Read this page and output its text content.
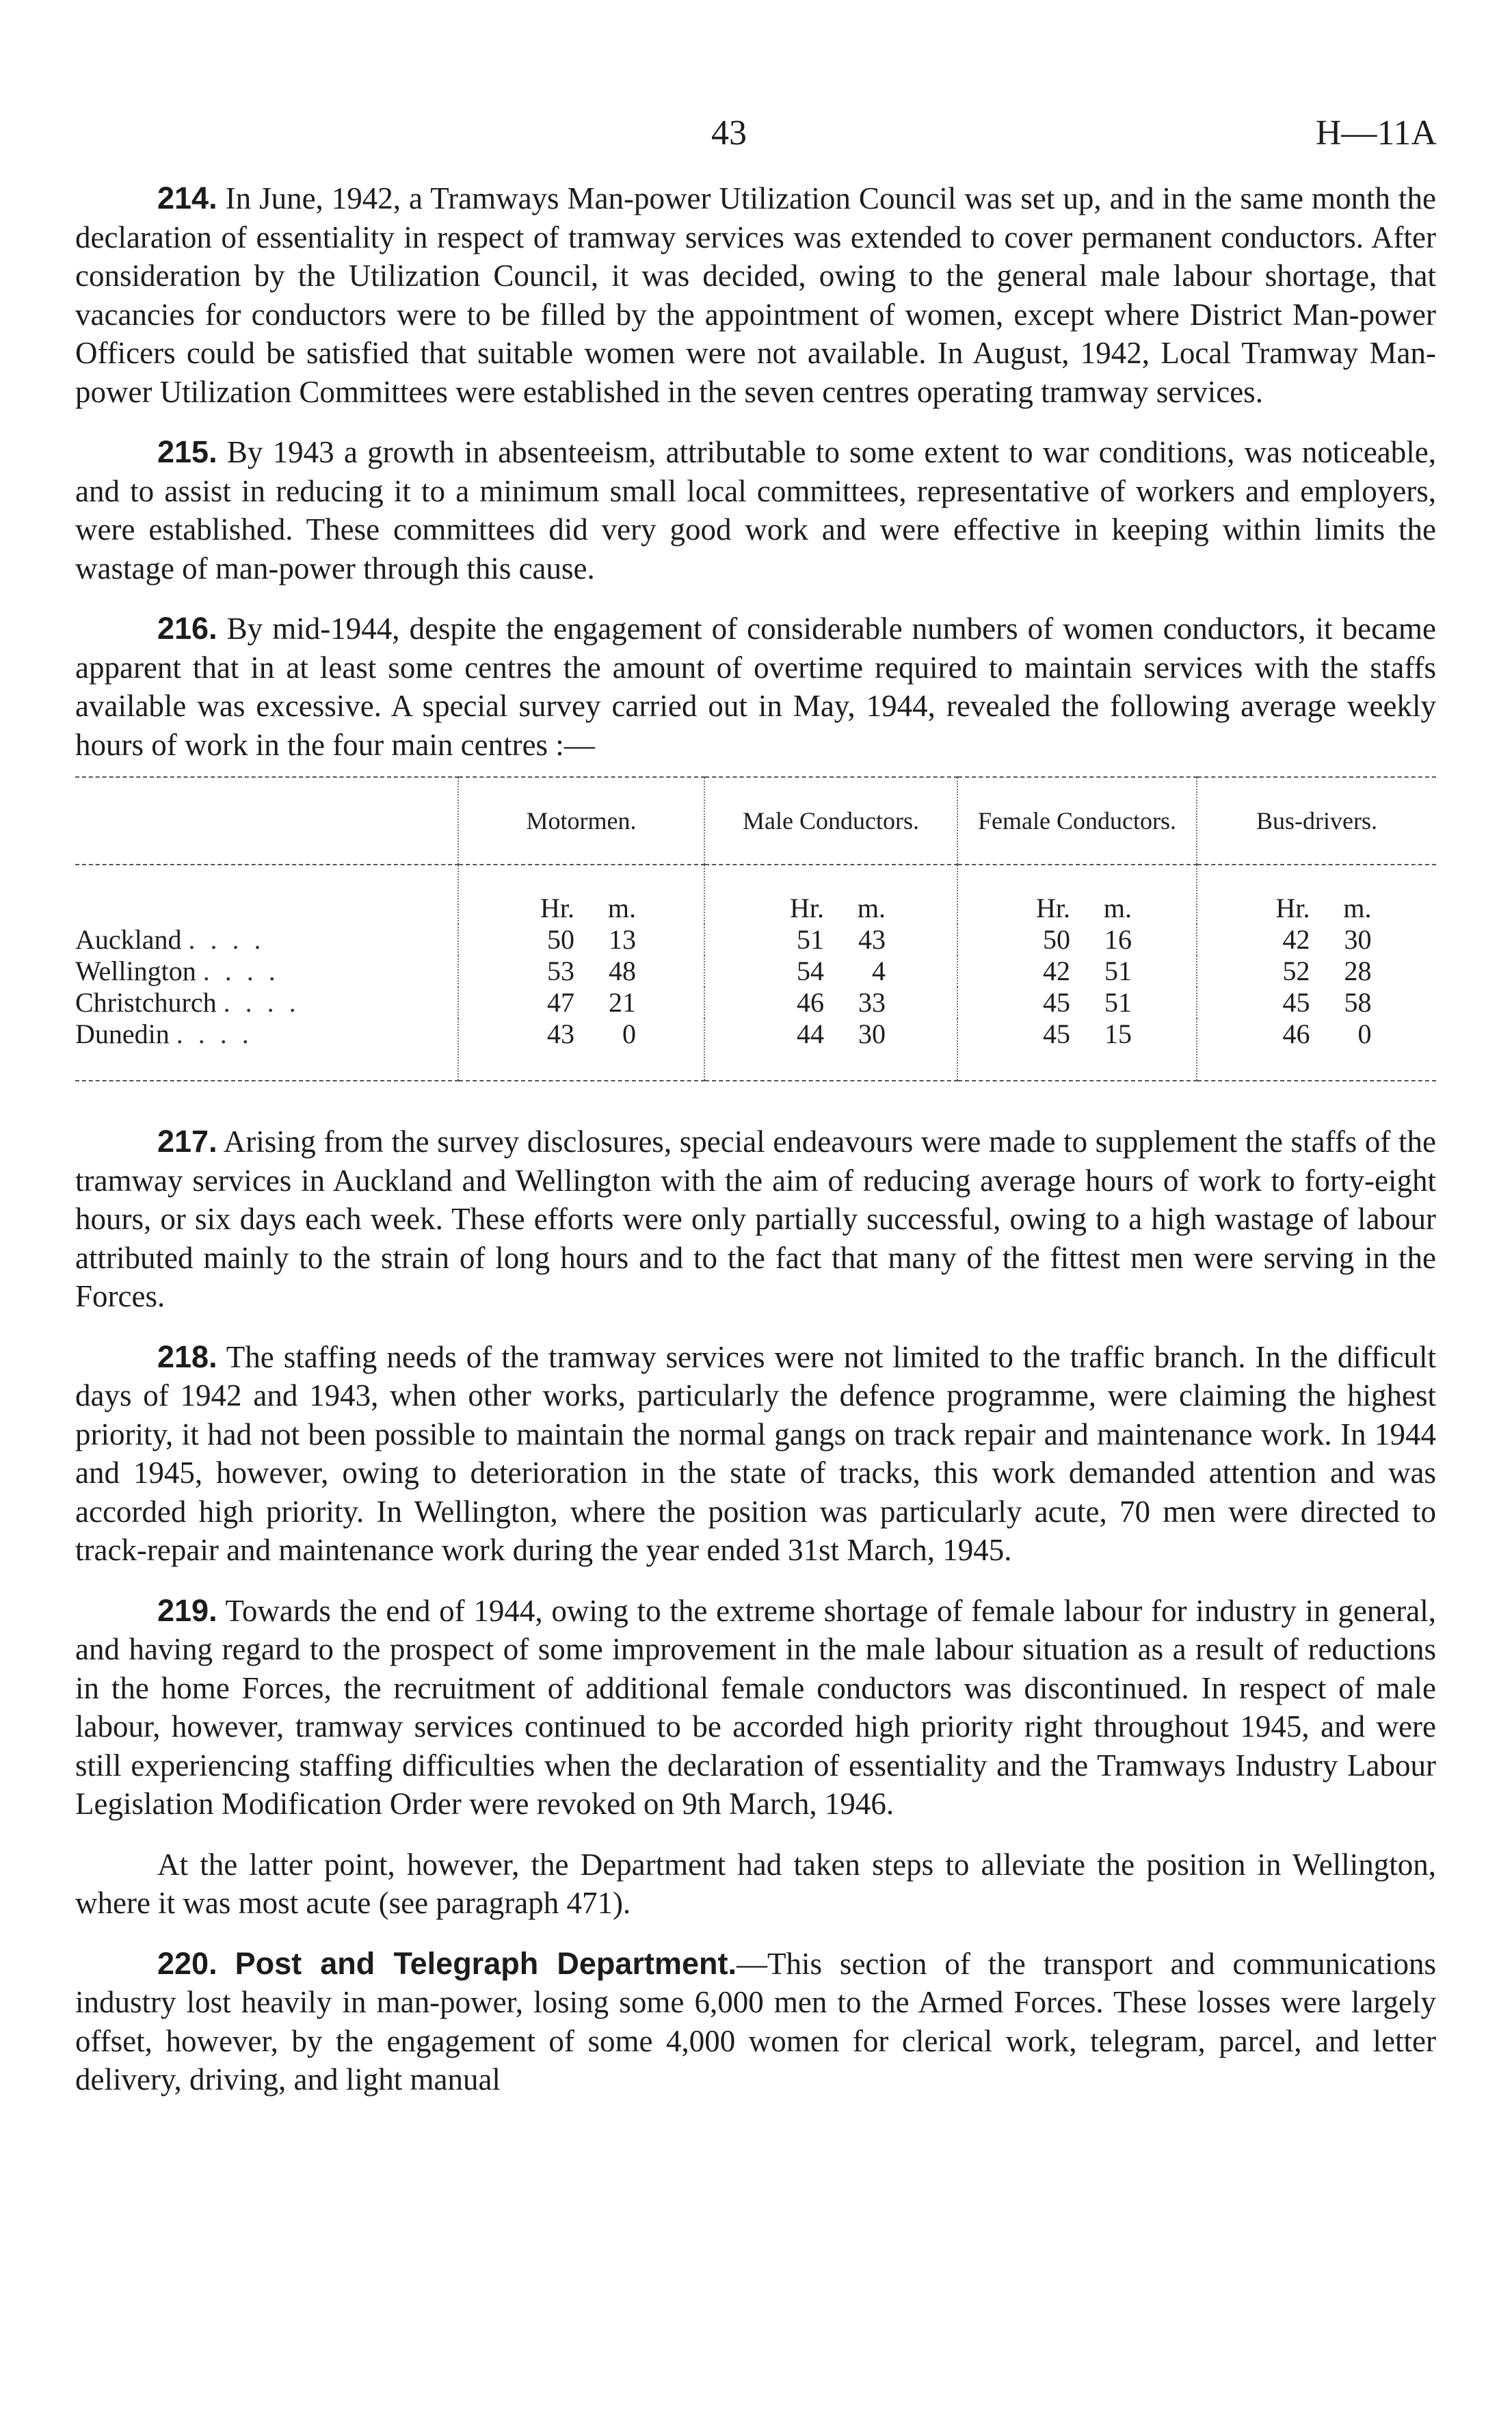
43	H—11A

214. In June, 1942, a Tramways Man-power Utilization Council was set up, and in the same month the declaration of essentiality in respect of tramway services was extended to cover permanent conductors. After consideration by the Utilization Council, it was decided, owing to the general male labour shortage, that vacancies for conductors were to be filled by the appointment of women, except where District Man-power Officers could be satisfied that suitable women were not available. In August, 1942, Local Tramway Man-power Utilization Committees were established in the seven centres operating tramway services.

215. By 1943 a growth in absenteeism, attributable to some extent to war conditions, was noticeable, and to assist in reducing it to a minimum small local committees, representative of workers and employers, were established. These committees did very good work and were effective in keeping within limits the wastage of man-power through this cause.

216. By mid-1944, despite the engagement of considerable numbers of women conductors, it became apparent that in at least some centres the amount of overtime required to maintain services with the staffs available was excessive. A special survey carried out in May, 1944, revealed the following average weekly hours of work in the four main centres :—

	Motormen.	Male Conductors.	Female Conductors.	Bus-drivers.
	Hr. m.	Hr. m.	Hr. m.	Hr. m.
Auckland . . . .	50 13	51 43	50 16	42 30
Wellington . . . .	53 48	54 4	42 51	52 28
Christchurch . . . .	47 21	46 33	45 51	45 58
Dunedin . . . .	43 0	44 30	45 15	46 0

217. Arising from the survey disclosures, special endeavours were made to supplement the staffs of the tramway services in Auckland and Wellington with the aim of reducing average hours of work to forty-eight hours, or six days each week. These efforts were only partially successful, owing to a high wastage of labour attributed mainly to the strain of long hours and to the fact that many of the fittest men were serving in the Forces.

218. The staffing needs of the tramway services were not limited to the traffic branch. In the difficult days of 1942 and 1943, when other works, particularly the defence programme, were claiming the highest priority, it had not been possible to maintain the normal gangs on track repair and maintenance work. In 1944 and 1945, however, owing to deterioration in the state of tracks, this work demanded attention and was accorded high priority. In Wellington, where the position was particularly acute, 70 men were directed to track-repair and maintenance work during the year ended 31st March, 1945.

219. Towards the end of 1944, owing to the extreme shortage of female labour for industry in general, and having regard to the prospect of some improvement in the male labour situation as a result of reductions in the home Forces, the recruitment of additional female conductors was discontinued. In respect of male labour, however, tramway services continued to be accorded high priority right throughout 1945, and were still experiencing staffing difficulties when the declaration of essentiality and the Tramways Industry Labour Legislation Modification Order were revoked on 9th March, 1946.

At the latter point, however, the Department had taken steps to alleviate the position in Wellington, where it was most acute (see paragraph 471).

220. Post and Telegraph Department.—This section of the transport and communications industry lost heavily in man-power, losing some 6,000 men to the Armed Forces. These losses were largely offset, however, by the engagement of some 4,000 women for clerical work, telegram, parcel, and letter delivery, driving, and light manual
